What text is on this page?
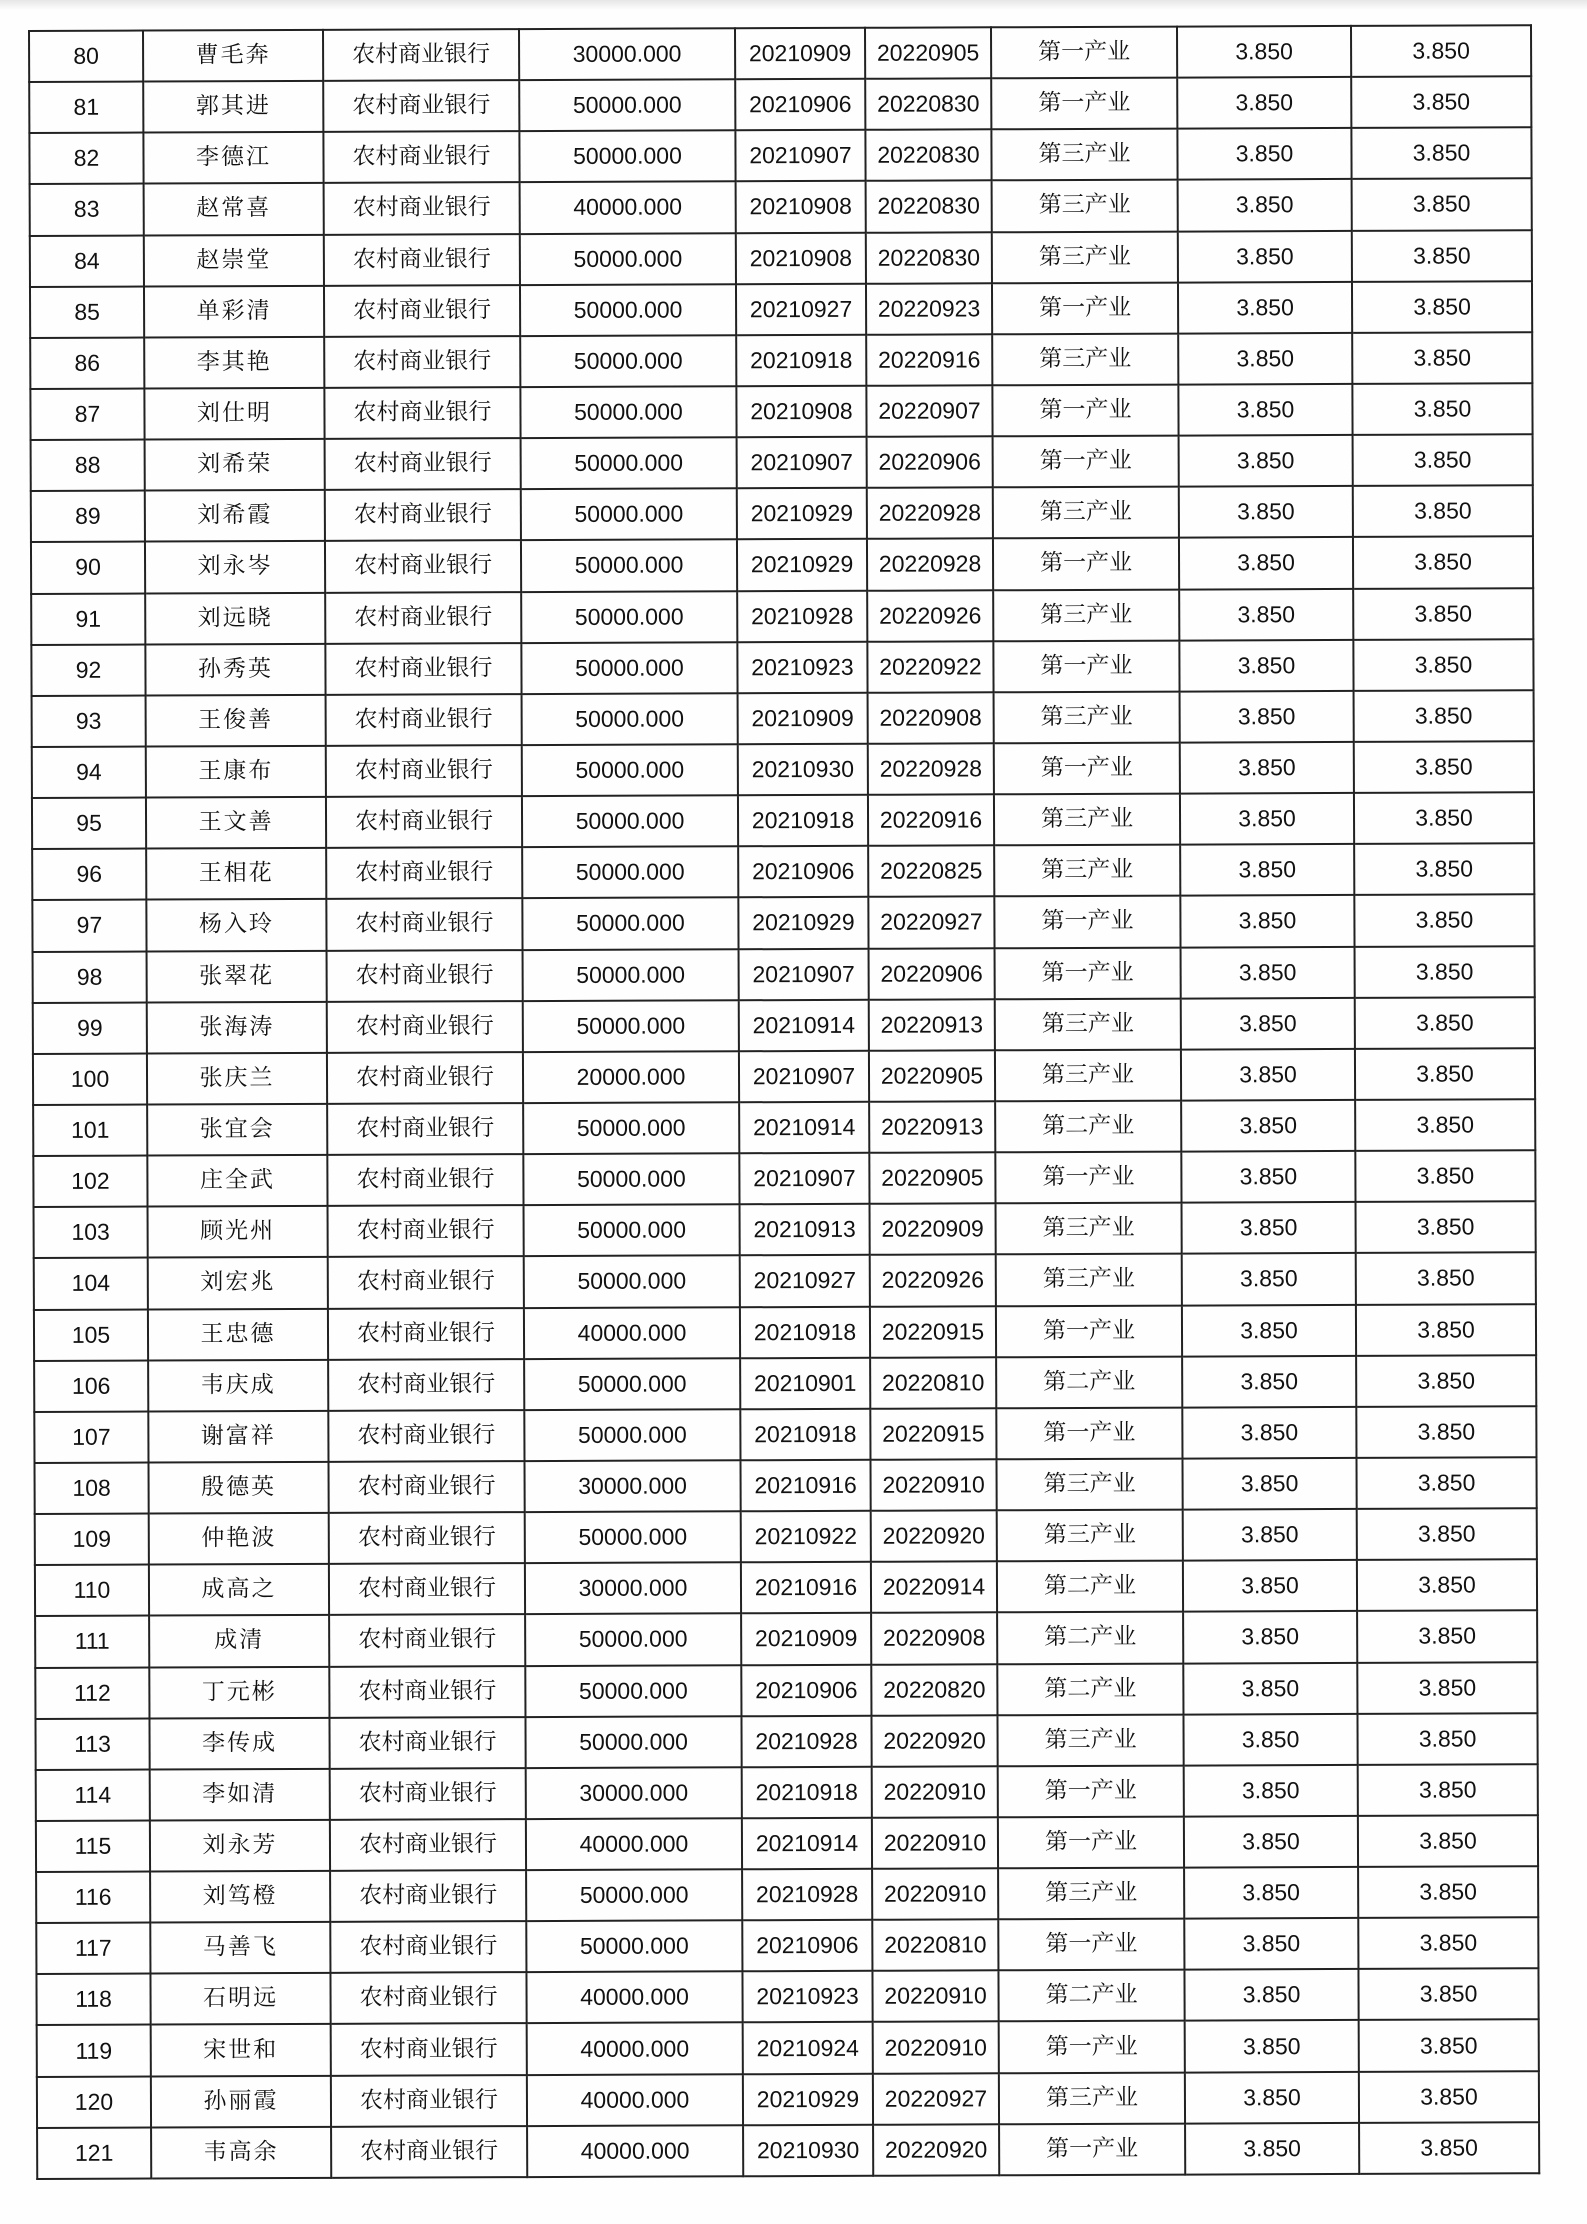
80	曹毛奔	农村商业银行	30000.000	20210909	20220905	第一产业	3.850	3.850
81	郭其进	农村商业银行	50000.000	20210906	20220830	第一产业	3.850	3.850
82	李德江	农村商业银行	50000.000	20210907	20220830	第三产业	3.850	3.850
83	赵常喜	农村商业银行	40000.000	20210908	20220830	第三产业	3.850	3.850
84	赵崇堂	农村商业银行	50000.000	20210908	20220830	第三产业	3.850	3.850
85	单彩清	农村商业银行	50000.000	20210927	20220923	第一产业	3.850	3.850
86	李其艳	农村商业银行	50000.000	20210918	20220916	第三产业	3.850	3.850
87	刘仕明	农村商业银行	50000.000	20210908	20220907	第一产业	3.850	3.850
88	刘希荣	农村商业银行	50000.000	20210907	20220906	第一产业	3.850	3.850
89	刘希霞	农村商业银行	50000.000	20210929	20220928	第三产业	3.850	3.850
90	刘永岑	农村商业银行	50000.000	20210929	20220928	第一产业	3.850	3.850
91	刘远晓	农村商业银行	50000.000	20210928	20220926	第三产业	3.850	3.850
92	孙秀英	农村商业银行	50000.000	20210923	20220922	第一产业	3.850	3.850
93	王俊善	农村商业银行	50000.000	20210909	20220908	第三产业	3.850	3.850
94	王康布	农村商业银行	50000.000	20210930	20220928	第一产业	3.850	3.850
95	王文善	农村商业银行	50000.000	20210918	20220916	第三产业	3.850	3.850
96	王相花	农村商业银行	50000.000	20210906	20220825	第三产业	3.850	3.850
97	杨入玲	农村商业银行	50000.000	20210929	20220927	第一产业	3.850	3.850
98	张翠花	农村商业银行	50000.000	20210907	20220906	第一产业	3.850	3.850
99	张海涛	农村商业银行	50000.000	20210914	20220913	第三产业	3.850	3.850
100	张庆兰	农村商业银行	20000.000	20210907	20220905	第三产业	3.850	3.850
101	张宜会	农村商业银行	50000.000	20210914	20220913	第二产业	3.850	3.850
102	庄全武	农村商业银行	50000.000	20210907	20220905	第一产业	3.850	3.850
103	顾光州	农村商业银行	50000.000	20210913	20220909	第三产业	3.850	3.850
104	刘宏兆	农村商业银行	50000.000	20210927	20220926	第三产业	3.850	3.850
105	王忠德	农村商业银行	40000.000	20210918	20220915	第一产业	3.850	3.850
106	韦庆成	农村商业银行	50000.000	20210901	20220810	第二产业	3.850	3.850
107	谢富祥	农村商业银行	50000.000	20210918	20220915	第一产业	3.850	3.850
108	殷德英	农村商业银行	30000.000	20210916	20220910	第三产业	3.850	3.850
109	仲艳波	农村商业银行	50000.000	20210922	20220920	第三产业	3.850	3.850
110	成高之	农村商业银行	30000.000	20210916	20220914	第二产业	3.850	3.850
111	成清	农村商业银行	50000.000	20210909	20220908	第二产业	3.850	3.850
112	丁元彬	农村商业银行	50000.000	20210906	20220820	第二产业	3.850	3.850
113	李传成	农村商业银行	50000.000	20210928	20220920	第三产业	3.850	3.850
114	李如清	农村商业银行	30000.000	20210918	20220910	第一产业	3.850	3.850
115	刘永芳	农村商业银行	40000.000	20210914	20220910	第一产业	3.850	3.850
116	刘笃橙	农村商业银行	50000.000	20210928	20220910	第三产业	3.850	3.850
117	马善飞	农村商业银行	50000.000	20210906	20220810	第一产业	3.850	3.850
118	石明远	农村商业银行	40000.000	20210923	20220910	第二产业	3.850	3.850
119	宋世和	农村商业银行	40000.000	20210924	20220910	第一产业	3.850	3.850
120	孙丽霞	农村商业银行	40000.000	20210929	20220927	第三产业	3.850	3.850
121	韦高余	农村商业银行	40000.000	20210930	20220920	第一产业	3.850	3.850
